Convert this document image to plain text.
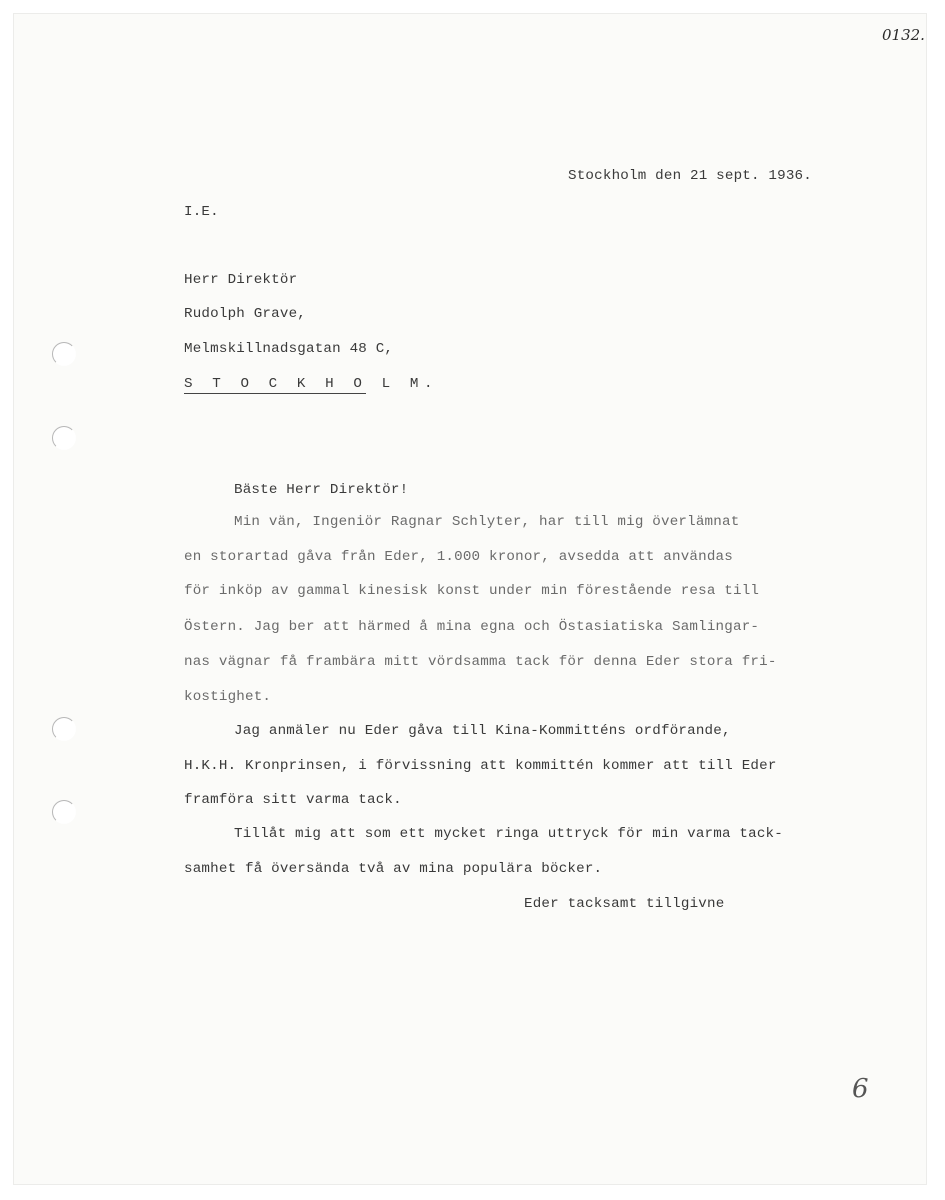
0132.
Stockholm den 21 sept. 1936.
I.E.
Herr Direktör
Rudolph Grave,
Melmskillnadsgatan 48 C,
S T O C K H O L M.
Bäste Herr Direktör!
Min vän, Ingeniör Ragnar Schlyter, har till mig överlämnat
en storartad gåva från Eder, 1.000 kronor, avsedda att användas
för inköp av gammal kinesisk konst under min förestående resa till
Östern. Jag ber att härmed å mina egna och Östasiatiska Samlingar-
nas vägnar få frambära mitt vördsamma tack för denna Eder stora fri-
kostighet.
Jag anmäler nu Eder gåva till Kina-Kommitténs ordförande,
H.K.H. Kronprinsen, i förvissning att kommittén kommer att till Eder
framföra sitt varma tack.
Tillåt mig att som ett mycket ringa uttryck för min varma tack-
samhet få översända två av mina populära böcker.
Eder tacksamt tillgivne
6
